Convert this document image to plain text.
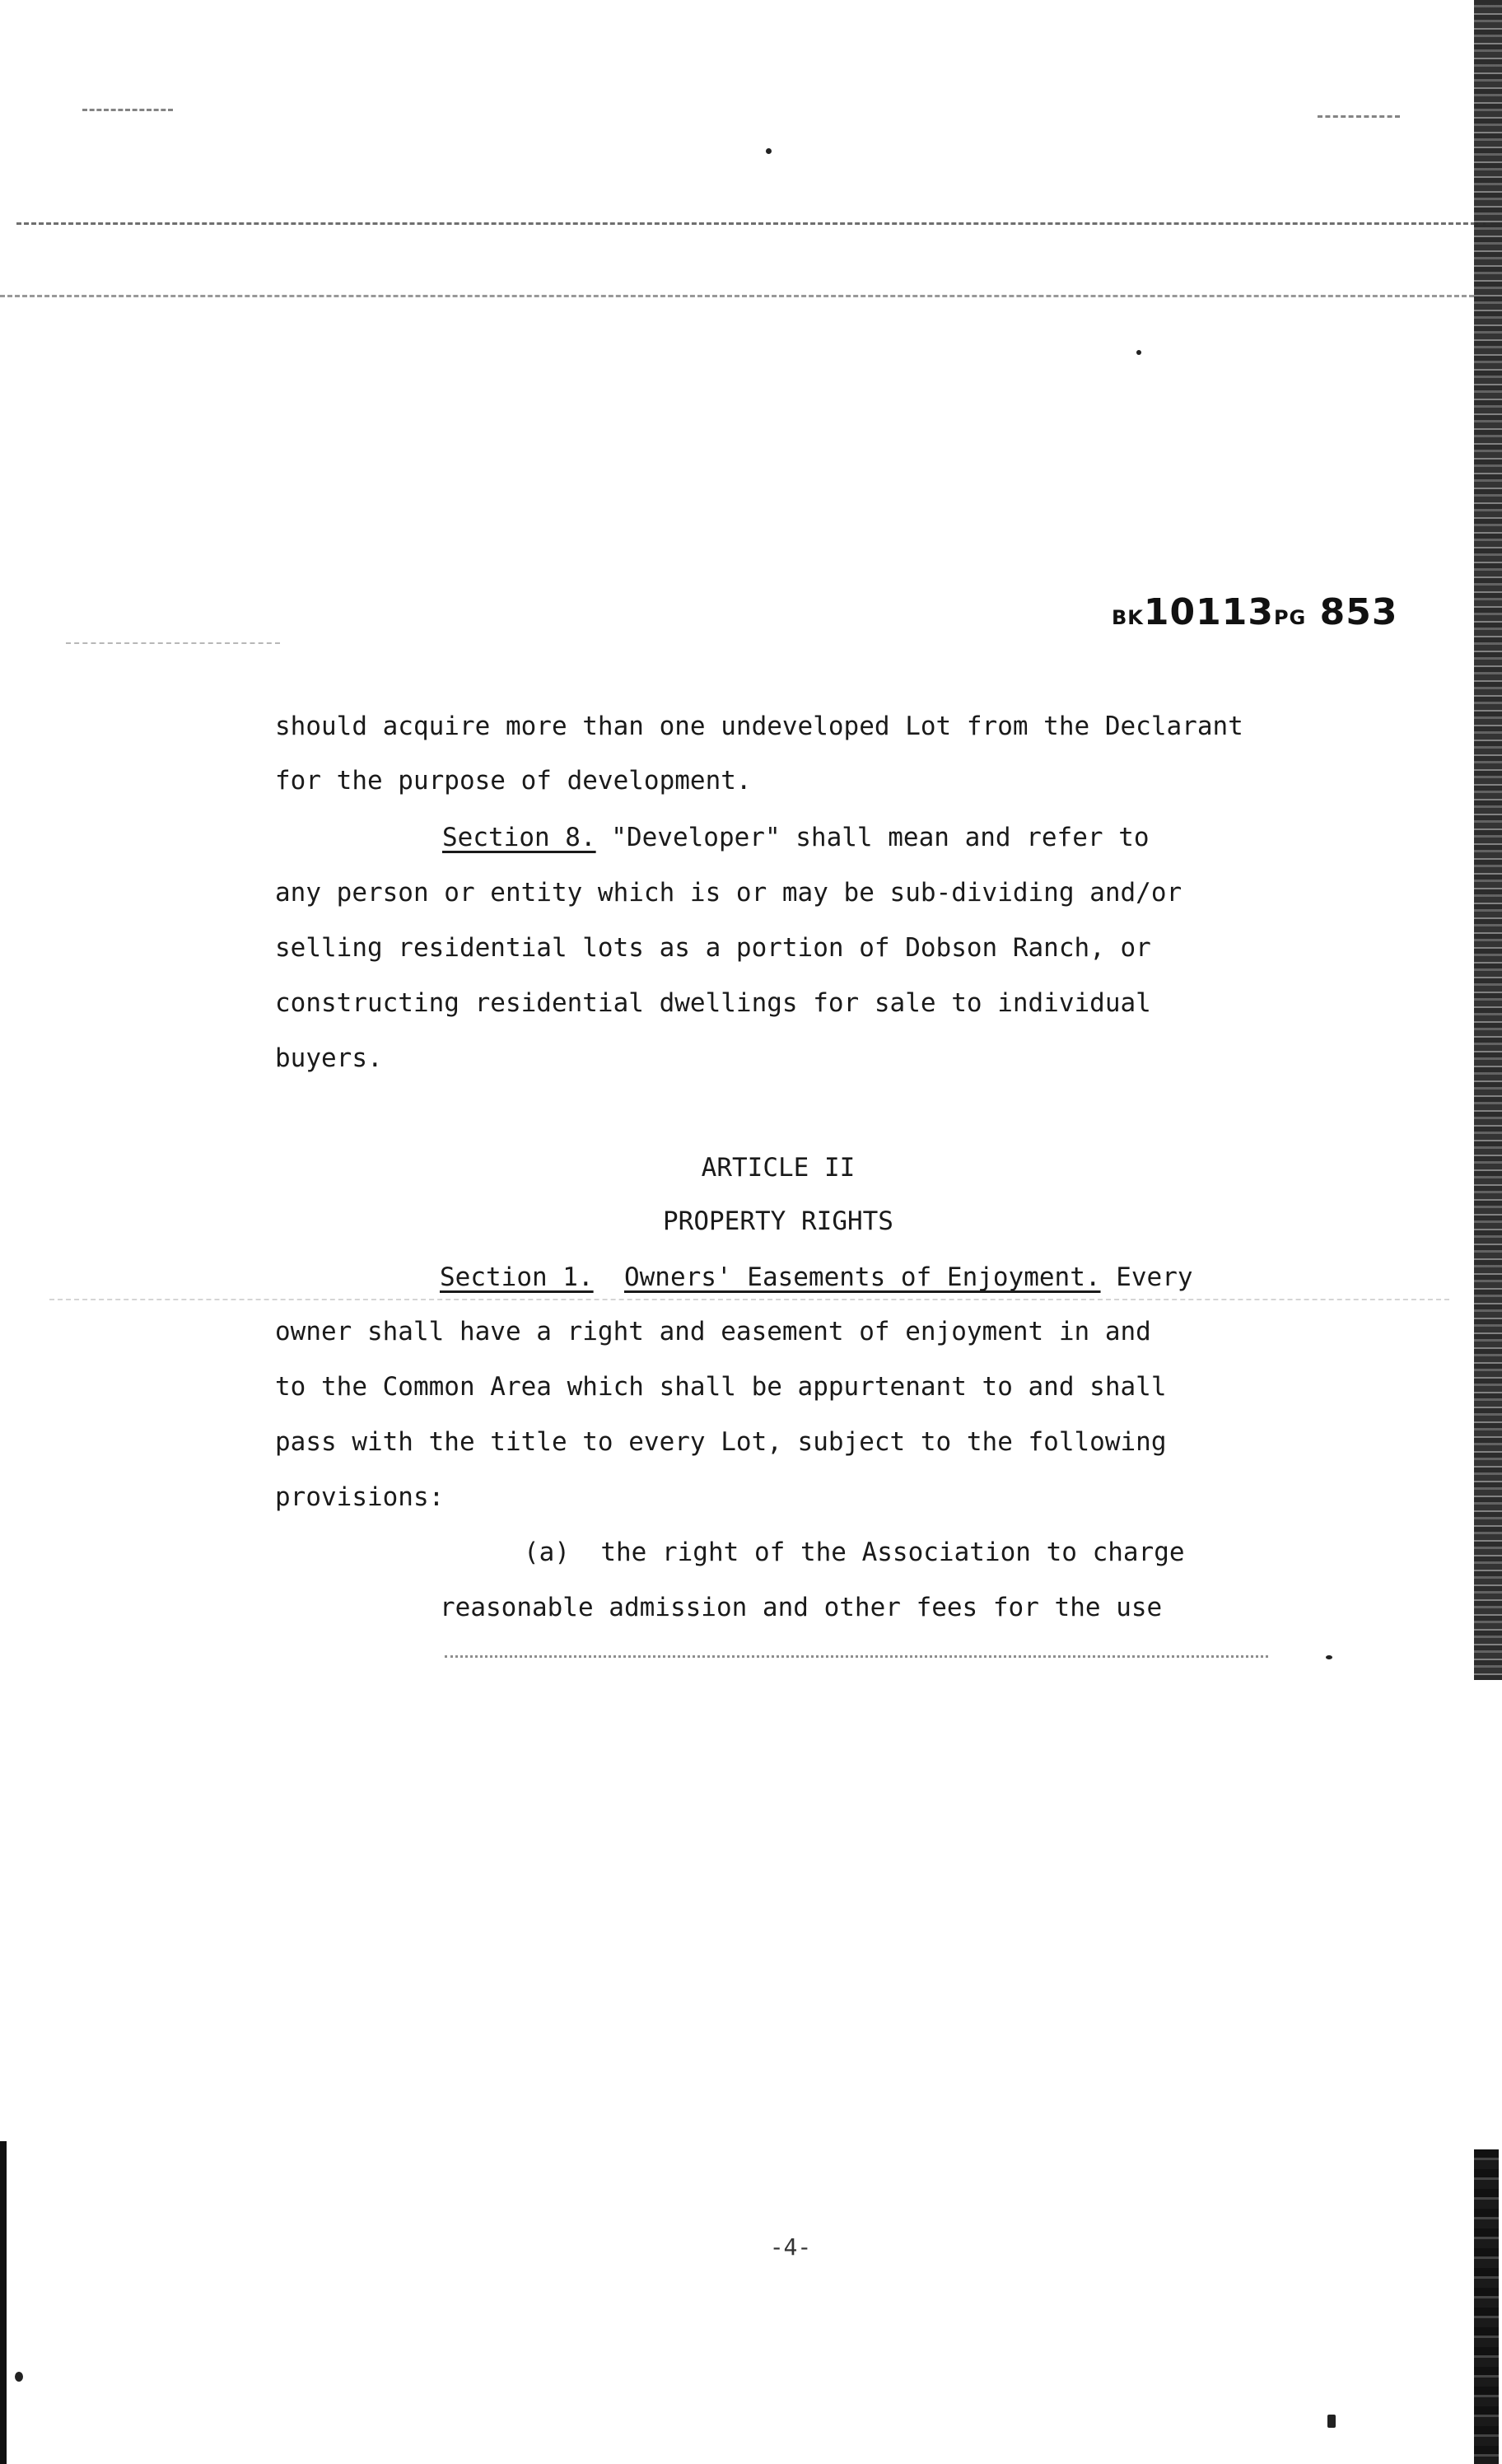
BK10113PG 853
should acquire more than one undeveloped Lot from the Declarant
for the purpose of development.
Section 8. "Developer" shall mean and refer to
any person or entity which is or may be sub-dividing and/or
selling residential lots as a portion of Dobson Ranch, or
constructing residential dwellings for sale to individual
buyers.
ARTICLE II
PROPERTY RIGHTS
Section 1. Owners' Easements of Enjoyment. Every
owner shall have a right and easement of enjoyment in and
to the Common Area which shall be appurtenant to and shall
pass with the title to every Lot, subject to the following
provisions:
(a) the right of the Association to charge
reasonable admission and other fees for the use
-4-
